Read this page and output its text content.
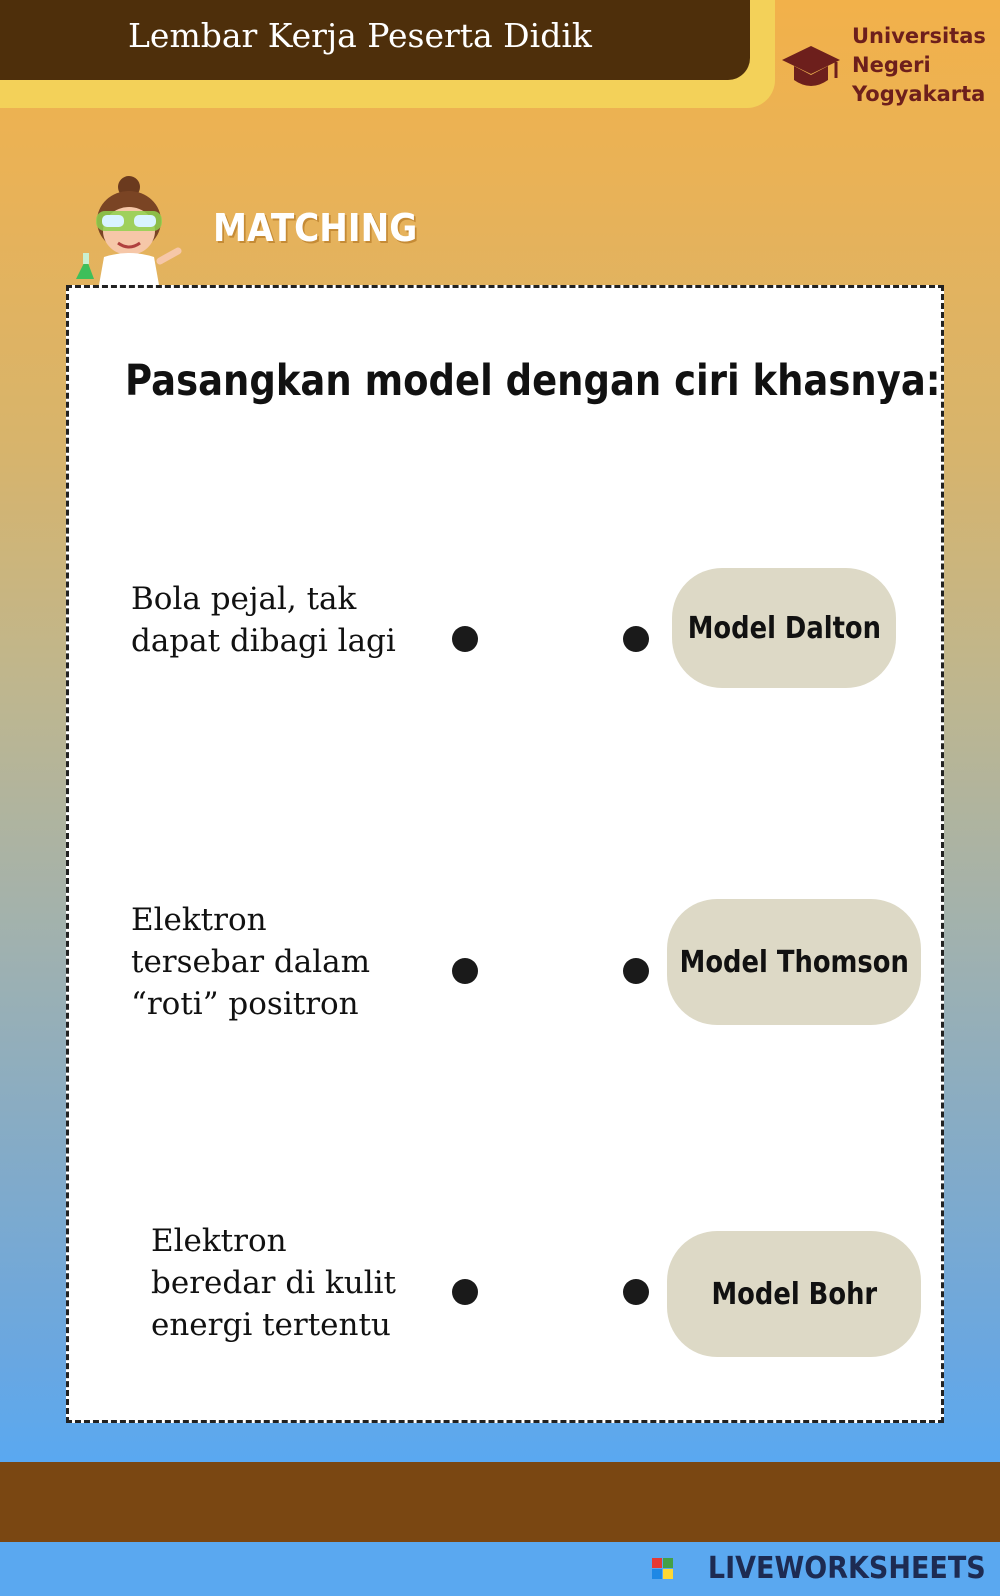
Lembar Kerja Peserta Didik	Universitas
Negeri
Yogyakarta
MATCHING
Pasangkan model dengan ciri khasnya:
Bola pejal, tak
dapat dibagi lagi	Model Dalton
Elektron
tersebar dalam
“roti” positron
Model Thomson
Elektron
beredar di kulit
energi tertentu
Model Bohr
LIVEWORKSHEETS
